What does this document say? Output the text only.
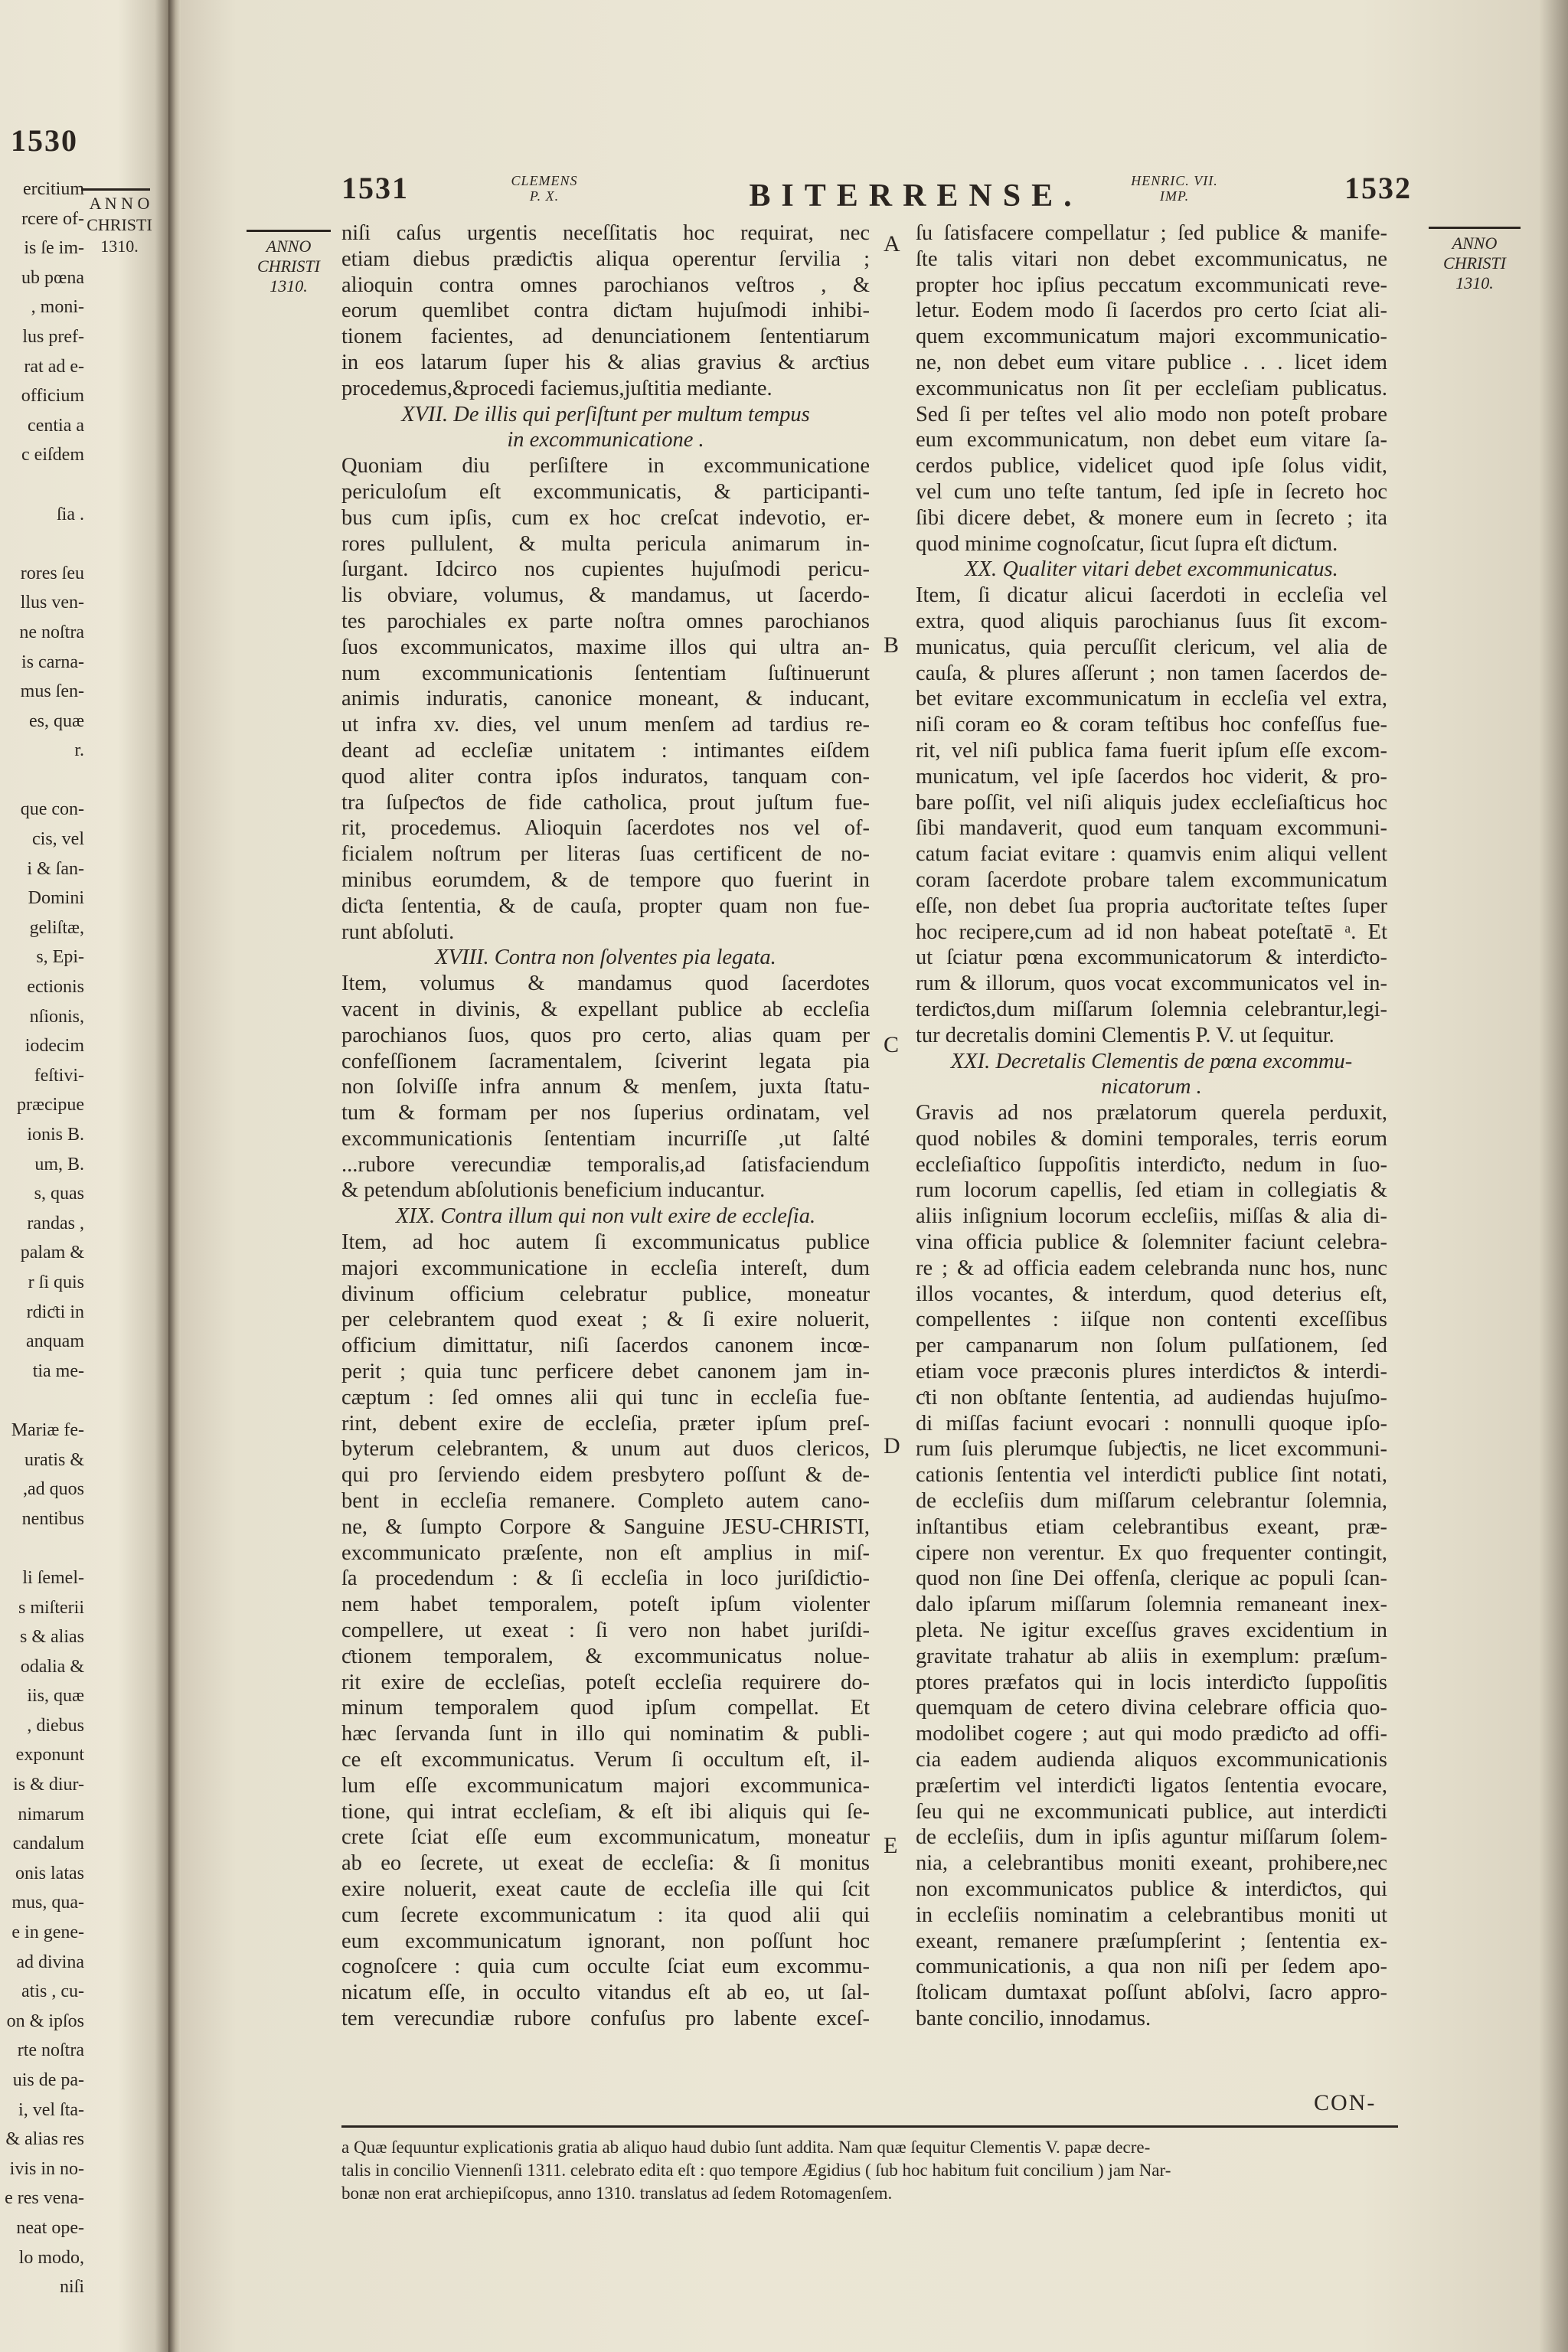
1530
A N N O
CHRISTI
1310.
ercitium
rcere of-
is ſe im-
ub pœna
, moni-
lus pref-
rat ad e-
officium
centia a
c eiſdem

ſia .

rores ſeu
llus ven-
ne noſtra
is carna-
mus ſen-
es, quæ
r.

que con-
cis, vel
i & ſan-
Domini
geliſtæ,
s, Epi-
ectionis
nſionis,
iodecim
feſtivi-
præcipue
ionis B.
um, B.
s, quas
randas ,
palam &
r ſi quis
rdiƈti in
anquam
tia me-

Mariæ fe-
uratis &
,ad quos
nentibus

li ſemel-
s miſterii
s & alias
odalia &
iis, quæ
, diebus
exponunt
is & diur-
nimarum
candalum
onis latas
mus, qua-
e in gene-
ad divina
atis , cu-
on & ipſos
rte noſtra
uis de pa-
i, vel ſta-
& alias res
ivis in no-
e res vena-
neat ope-
lo modo,
niſi
1531	CLEMENS
P. X.	BITERRENSE.	HENRIC. VII.
IMP.	1532
ANNO
CHRISTI
1310.
ANNO
CHRISTI
1310.
niſi caſus urgentis neceſſitatis hoc requirat, nec
etiam diebus prædiƈtis aliqua operentur ſervilia ;
alioquin contra omnes parochianos veſtros , &
eorum quemlibet contra diƈtam hujuſmodi inhibi-
tionem facientes, ad denunciationem ſententiarum
in eos latarum ſuper his & alias gravius & arƈtius
procedemus,&procedi faciemus,juſtitia mediante.
XVII. De illis qui perſiſtunt per multum tempus
in excommunicatione .
Quoniam diu perſiſtere in excommunicatione
periculoſum eſt excommunicatis, & participanti-
bus cum ipſis, cum ex hoc creſcat indevotio, er-
rores pullulent, & multa pericula animarum in-
ſurgant. Idcirco nos cupientes hujuſmodi pericu-
lis obviare, volumus, & mandamus, ut ſacerdo-
tes parochiales ex parte noſtra omnes parochianos
ſuos excommunicatos, maxime illos qui ultra an-
num excommunicationis ſententiam ſuſtinuerunt
animis induratis, canonice moneant, & inducant,
ut infra xv. dies, vel unum menſem ad tardius re-
deant ad eccleſiæ unitatem : intimantes eiſdem
quod aliter contra ipſos induratos, tanquam con-
tra ſuſpeƈtos de fide catholica, prout juſtum fue-
rit, procedemus. Alioquin ſacerdotes nos vel of-
ficialem noſtrum per literas ſuas certificent de no-
minibus eorumdem, & de tempore quo fuerint in
diƈta ſententia, & de cauſa, propter quam non fue-
runt abſoluti.
XVIII. Contra non ſolventes pia legata.
Item, volumus & mandamus quod ſacerdotes
vacent in divinis, & expellant publice ab eccleſia
parochianos ſuos, quos pro certo, alias quam per
confeſſionem ſacramentalem, ſciverint legata pia
non ſolviſſe infra annum & menſem, juxta ſtatu-
tum & formam per nos ſuperius ordinatam, vel
excommunicationis ſententiam incurriſſe ,ut ſalté
...rubore verecundiæ temporalis,ad ſatisfaciendum
& petendum abſolutionis beneficium inducantur.
XIX. Contra illum qui non vult exire de eccleſia.
Item, ad hoc autem ſi excommunicatus publice
majori excommunicatione in eccleſia intereſt, dum
divinum officium celebratur publice, moneatur
per celebrantem quod exeat ; & ſi exire noluerit,
officium dimittatur, niſi ſacerdos canonem incœ-
perit ; quia tunc perficere debet canonem jam in-
cæptum : ſed omnes alii qui tunc in eccleſia fue-
rint, debent exire de eccleſia, præter ipſum preſ-
byterum celebrantem, & unum aut duos clericos,
qui pro ſerviendo eidem presbytero poſſunt & de-
bent in eccleſia remanere. Completo autem cano-
ne, & ſumpto Corpore & Sanguine JESU-CHRISTI,
excommunicato præſente, non eſt amplius in miſ-
ſa procedendum : & ſi eccleſia in loco juriſdiƈtio-
nem habet temporalem, poteſt ipſum violenter
compellere, ut exeat : ſi vero non habet juriſdi-
ƈtionem temporalem, & excommunicatus nolue-
rit exire de eccleſias, poteſt eccleſia requirere do-
minum temporalem quod ipſum compellat. Et
hæc ſervanda ſunt in illo qui nominatim & publi-
ce eſt excommunicatus. Verum ſi occultum eſt, il-
lum eſſe excommunicatum majori excommunica-
tione, qui intrat eccleſiam, & eſt ibi aliquis qui ſe-
crete ſciat eſſe eum excommunicatum, moneatur
ab eo ſecrete, ut exeat de eccleſia: & ſi monitus
exire noluerit, exeat caute de eccleſia ille qui ſcit
cum ſecrete excommunicatum : ita quod alii qui
eum excommunicatum ignorant, non poſſunt hoc
cognoſcere : quia cum occulte ſciat eum excommu-
nicatum eſſe, in occulto vitandus eſt ab eo, ut ſal-
tem verecundiæ rubore confuſus pro labente exceſ-
ſu ſatisfacere compellatur ; ſed publice & manife-
ſte talis vitari non debet excommunicatus, ne
propter hoc ipſius peccatum excommunicati reve-
letur. Eodem modo ſi ſacerdos pro certo ſciat ali-
quem excommunicatum majori excommunicatio-
ne, non debet eum vitare publice . . . licet idem
excommunicatus non ſit per eccleſiam publicatus.
Sed ſi per teſtes vel alio modo non poteſt probare
eum excommunicatum, non debet eum vitare ſa-
cerdos publice, videlicet quod ipſe ſolus vidit,
vel cum uno teſte tantum, ſed ipſe in ſecreto hoc
ſibi dicere debet, & monere eum in ſecreto ; ita
quod minime cognoſcatur, ſicut ſupra eſt diƈtum.
XX. Qualiter vitari debet excommunicatus.
Item, ſi dicatur alicui ſacerdoti in eccleſia vel
extra, quod aliquis parochianus ſuus ſit excom-
municatus, quia percuſſit clericum, vel alia de
cauſa, & plures aſſerunt ; non tamen ſacerdos de-
bet evitare excommunicatum in eccleſia vel extra,
niſi coram eo & coram teſtibus hoc confeſſus fue-
rit, vel niſi publica fama fuerit ipſum eſſe excom-
municatum, vel ipſe ſacerdos hoc viderit, & pro-
bare poſſit, vel niſi aliquis judex eccleſiaſticus hoc
ſibi mandaverit, quod eum tanquam excommuni-
catum faciat evitare : quamvis enim aliqui vellent
coram ſacerdote probare talem excommunicatum
eſſe, non debet ſua propria auƈtoritate teſtes ſuper
hoc recipere,cum ad id non habeat poteſtatē ᵃ. Et
ut ſciatur pœna excommunicatorum & interdiƈto-
rum & illorum, quos vocat excommunicatos vel in-
terdiƈtos,dum miſſarum ſolemnia celebrantur,legi-
tur decretalis domini Clementis P. V. ut ſequitur.
XXI. Decretalis Clementis de pœna excommu-
nicatorum .
Gravis ad nos prælatorum querela perduxit,
quod nobiles & domini temporales, terris eorum
eccleſiaſtico ſuppoſitis interdiƈto, nedum in ſuo-
rum locorum capellis, ſed etiam in collegiatis &
aliis inſignium locorum eccleſiis, miſſas & alia di-
vina officia publice & ſolemniter faciunt celebra-
re ; & ad officia eadem celebranda nunc hos, nunc
illos vocantes, & interdum, quod deterius eſt,
compellentes : iiſque non contenti exceſſibus
per campanarum non ſolum pulſationem, ſed
etiam voce præconis plures interdiƈtos & interdi-
ƈti non obſtante ſententia, ad audiendas hujuſmo-
di miſſas faciunt evocari : nonnulli quoque ipſo-
rum ſuis plerumque ſubjeƈtis, ne licet excommuni-
cationis ſententia vel interdiƈti publice ſint notati,
de eccleſiis dum miſſarum celebrantur ſolemnia,
inſtantibus etiam celebrantibus exeant, præ-
cipere non verentur. Ex quo frequenter contingit,
quod non ſine Dei offenſa, clerique ac populi ſcan-
dalo ipſarum miſſarum ſolemnia remaneant inex-
pleta. Ne igitur exceſſus graves excidentium in
gravitate trahatur ab aliis in exemplum: præſum-
ptores præfatos qui in locis interdiƈto ſuppoſitis
quemquam de cetero divina celebrare officia quo-
modolibet cogere ; aut qui modo prædiƈto ad offi-
cia eadem audienda aliquos excommunicationis
præſertim vel interdiƈti ligatos ſententia evocare,
ſeu qui ne excommunicati publice, aut interdiƈti
de eccleſiis, dum in ipſis aguntur miſſarum ſolem-
nia, a celebrantibus moniti exeant, prohibere,nec
non excommunicatos publice & interdiƈtos, qui
in eccleſiis nominatim a celebrantibus moniti ut
exeant, remanere præſumpſerint ; ſententia ex-
communicationis, a qua non niſi per ſedem apo-
ſtolicam dumtaxat poſſunt abſolvi, ſacro appro-
bante concilio, innodamus.
A
B
C
D
E
CON-
a Quæ ſequuntur explicationis gratia ab aliquo haud dubio ſunt addita. Nam quæ ſequitur Clementis V. papæ decre-
talis in concilio Viennenſi 1311. celebrato edita eſt : quo tempore Ægidius ( ſub hoc habitum fuit concilium ) jam Nar-
bonæ non erat archiepiſcopus, anno 1310. translatus ad ſedem Rotomagenſem.
